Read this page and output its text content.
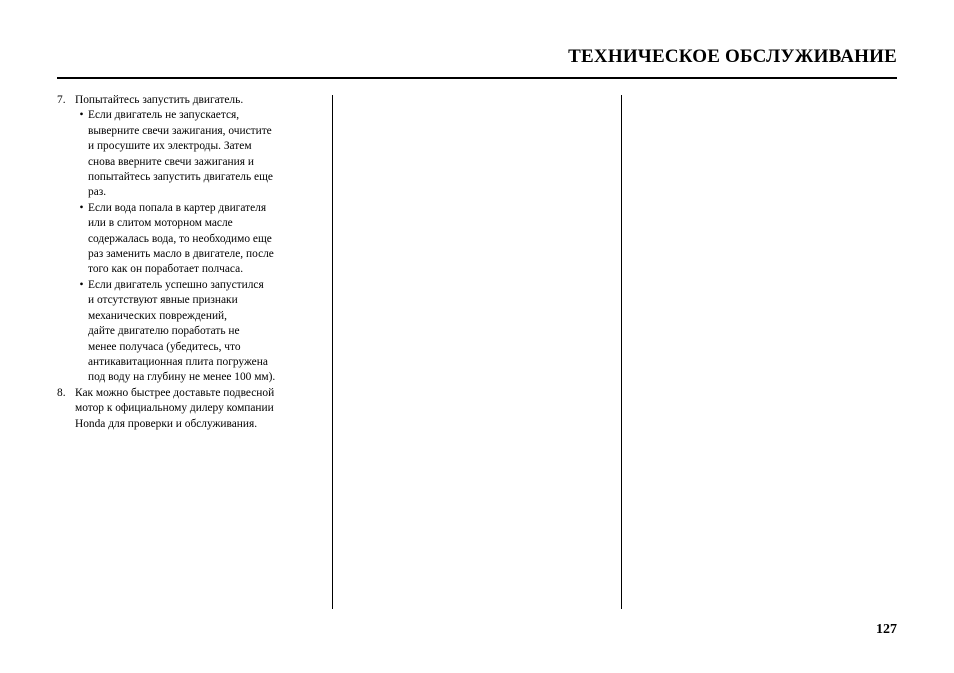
ТЕХНИЧЕСКОЕ ОБСЛУЖИВАНИЕ
7. Попытайтесь запустить двигатель.
• Если двигатель не запускается,
выверните свечи зажигания, очистите
и просушите их электроды. Затем
снова вверните свечи зажигания и
попытайтесь запустить двигатель еще
раз.
• Если вода попала в картер двигателя
или в слитом моторном масле
содержалась вода, то необходимо еще
раз заменить масло в двигателе, после
того как он поработает полчаса.
• Если двигатель успешно запустился
и отсутствуют явные признаки
механических повреждений,
дайте двигателю поработать не
менее получаса (убедитесь, что
антикавитационная плита погружена
под воду на глубину не менее 100 мм).
8. Как можно быстрее доставьте подвесной
мотор к официальному дилеру компании
Honda для проверки и обслуживания.
127
